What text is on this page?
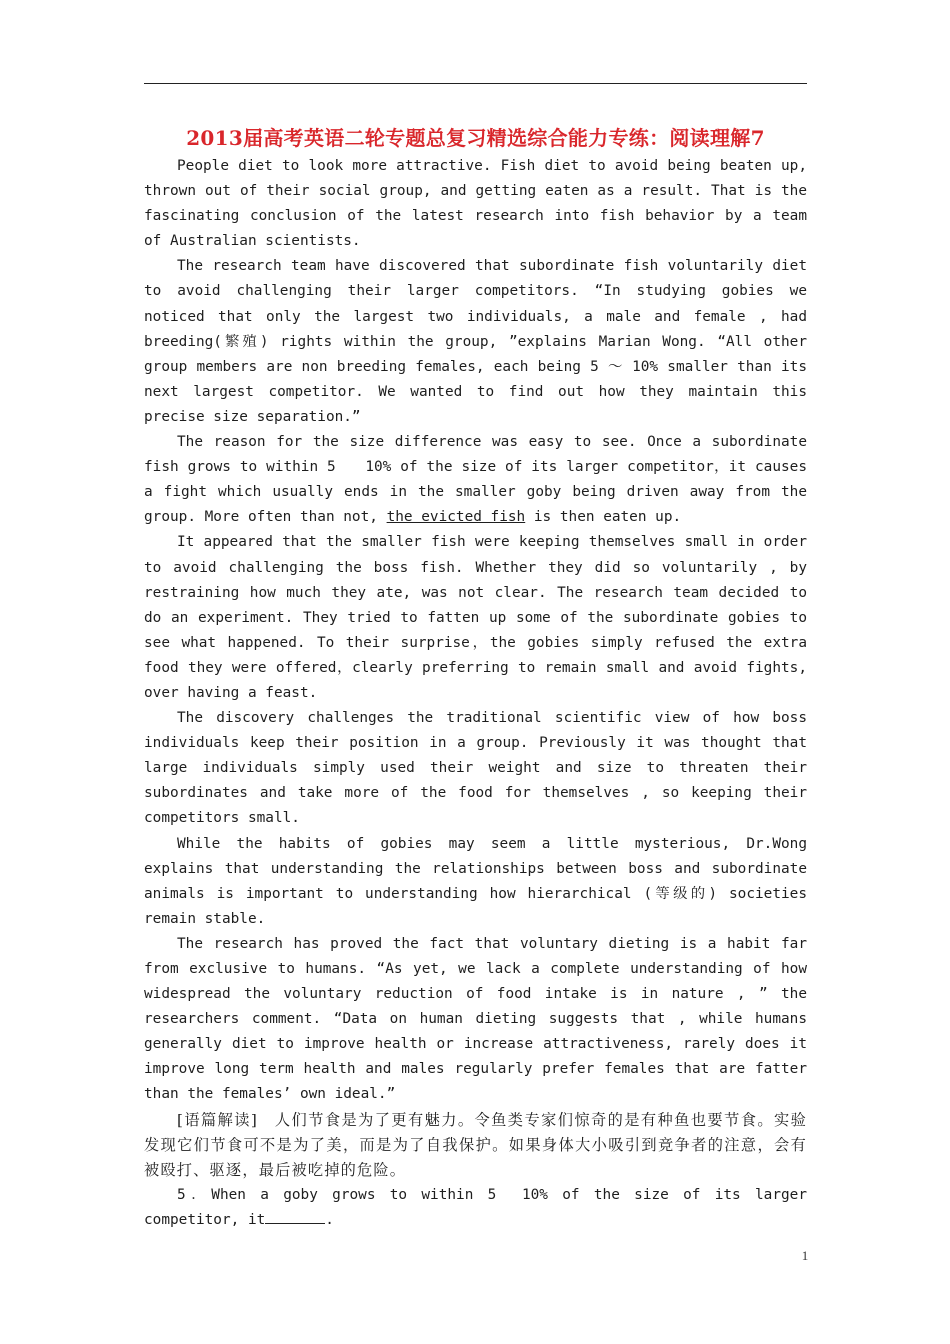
2013届高考英语二轮专题总复习精选综合能力专练：阅读理解7

People diet to look more attractive. Fish diet to avoid being beaten up, thrown out of their social group, and getting eaten as a result. That is the fascinating conclusion of the latest research into fish behavior by a team of Australian scientists.

The research team have discovered that subordinate fish voluntarily diet to avoid challenging their larger competitors. “In studying gobies we noticed that only the largest two individuals, a male and female , had breeding(繁殖) rights within the group, ”explains Marian Wong. “All other group members are non breeding females, each being 5 ～ 10% smaller than its next largest competitor. We wanted to find out how they maintain this precise size separation.”

The reason for the size difference was easy to see. Once a subordinate fish grows to within 5　　10% of the size of its larger competitor，it causes a fight which usually ends in the smaller goby being driven away from the group. More often than not, the evicted fish is then eaten up.

It appeared that the smaller fish were keeping themselves small in order to avoid challenging the boss fish. Whether they did so voluntarily , by restraining how much they ate, was not clear. The research team decided to do an experiment. They tried to fatten up some of the subordinate gobies to see what happened. To their surprise，the gobies simply refused the extra food they were offered，clearly preferring to remain small and avoid fights, over having a feast.

The discovery challenges the traditional scientific view of how boss individuals keep their position in a group. Previously it was thought that large individuals simply used their weight and size to threaten their subordinates and take more of the food for themselves , so keeping their competitors small.

While the habits of gobies may seem a little mysterious, Dr.Wong explains that understanding the relationships between boss and subordinate animals is important to understanding how hierarchical (等级的) societies remain stable.

The research has proved the fact that voluntary dieting is a habit far from exclusive to humans. “As yet, we lack a complete understanding of how widespread the voluntary reduction of food intake is in nature , ” the researchers comment. “Data on human dieting suggests that , while humans generally diet to improve health or increase attractiveness, rarely does it improve long term health and males regularly prefer females that are fatter than the females’ own ideal.”

[语篇解读]　人们节食是为了更有魅力。令鱼类专家们惊奇的是有种鱼也要节食。实验发现它们节食可不是为了美，而是为了自我保护。如果身体大小吸引到竞争者的注意，会有被殴打、驱逐，最后被吃掉的危险。

5．When a goby grows to within 5　10% of the size of its larger competitor, it	.

1
